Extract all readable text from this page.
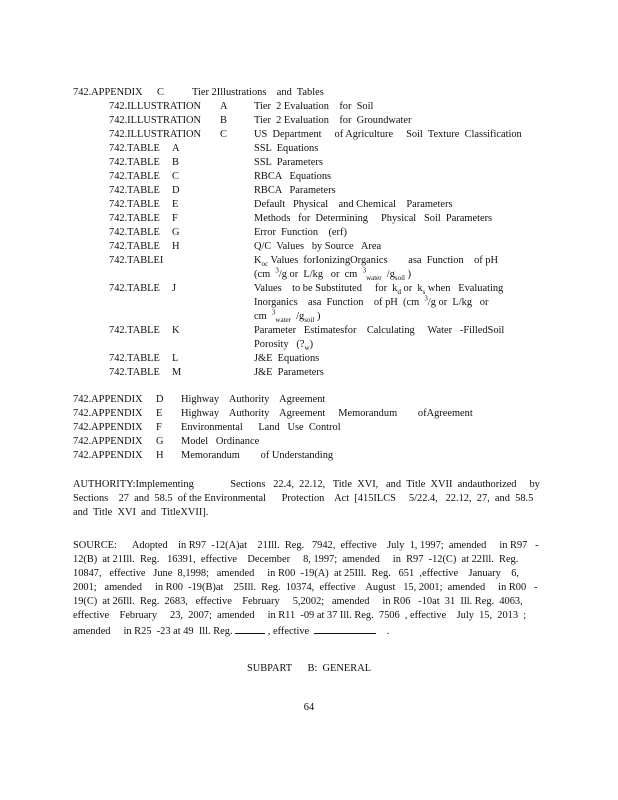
742.APPENDIX C	Tier 2Illustrations    and  Tables
742.ILLUSTRATION A	Tier  2 Evaluation    for  Soil
742.ILLUSTRATION B	Tier  2 Evaluation    for  Groundwater
742.ILLUSTRATION C	US  Department     of Agriculture     Soil  Texture  Classification
742.TABLE A	SSL  Equations
742.TABLE B	SSL  Parameters
742.TABLE C	RBCA   Equations
742.TABLE D	RBCA   Parameters
742.TABLE E	Default   Physical    and Chemical    Parameters
742.TABLE F	Methods   for  Determining     Physical   Soil  Parameters
742.TABLE G	Error  Function    (erf)
742.TABLE H	Q/C  Values   by Source   Area
742.TABLEI	$K_{oc}$ Values  forIonizingOrganics        asa  Function    of pH
(cm  $^3$/g or  L/kg   or  cm  $^3_{water}$  $/g_{soil}$ )
742.TABLE J	Values    to be Substituted     for  $k_d$ or  $k_s$ when   Evaluating
Inorganics    asa  Function    of pH  (cm  $^3$/g or  L/kg   or
cm  $^3_{water}$  $/g_{soil}$ )
742.TABLE K	Parameter   Estimatesfor    Calculating     Water   -FilledSoil
Porosity   $(?_w)$
742.TABLE L	J&E  Equations
742.TABLE M	J&E  Parameters
742.APPENDIX D Highway    Authority    Agreement
742.APPENDIX E Highway    Authority    Agreement     Memorandum        ofAgreement
742.APPENDIX F Environmental      Land   Use  Control
742.APPENDIX G Model   Ordinance
742.APPENDIX H Memorandum        of Understanding
AUTHORITY:Implementing              Sections   22.4,  22.12,   Title  XVI,   and  Title  XVII  andauthorized     by
Sections    27  and  58.5  of the Environmental      Protection    Act  [415ILCS     5/22.4,   22.12,  27,  and  58.5
and  Title  XVI  and  TitleXVII].
SOURCE:      Adopted    in R97  -12(A)at    21Ill.  Reg.   7942,  effective    July  1, 1997;  amended     in R97   -
12(B)  at 21Ill.  Reg.   16391,  effective    December     8, 1997;  amended     in  R97  -12(C)  at 22Ill.  Reg.
10847,   effective   June  8,1998;   amended     in R00  -19(A)  at 25Ill.  Reg.   651  ,effective    January    6,
2001;   amended     in R00  -19(B)at    25Ill.  Reg.  10374,  effective    August   15, 2001;  amended     in R00   -
19(C)  at 26Ill.  Reg.  2683,   effective    February     5,2002;   amended     in R06   -10at  31  Ill. Reg.  4063,
effective    February     23,  2007;  amended     in R11  -09 at 37 Ill. Reg.  7506  , effective    July  15,  2013  ;
amended     in R25  -23 at 49  Ill. Reg.	, effective	.
SUBPART      B:  GENERAL
64
